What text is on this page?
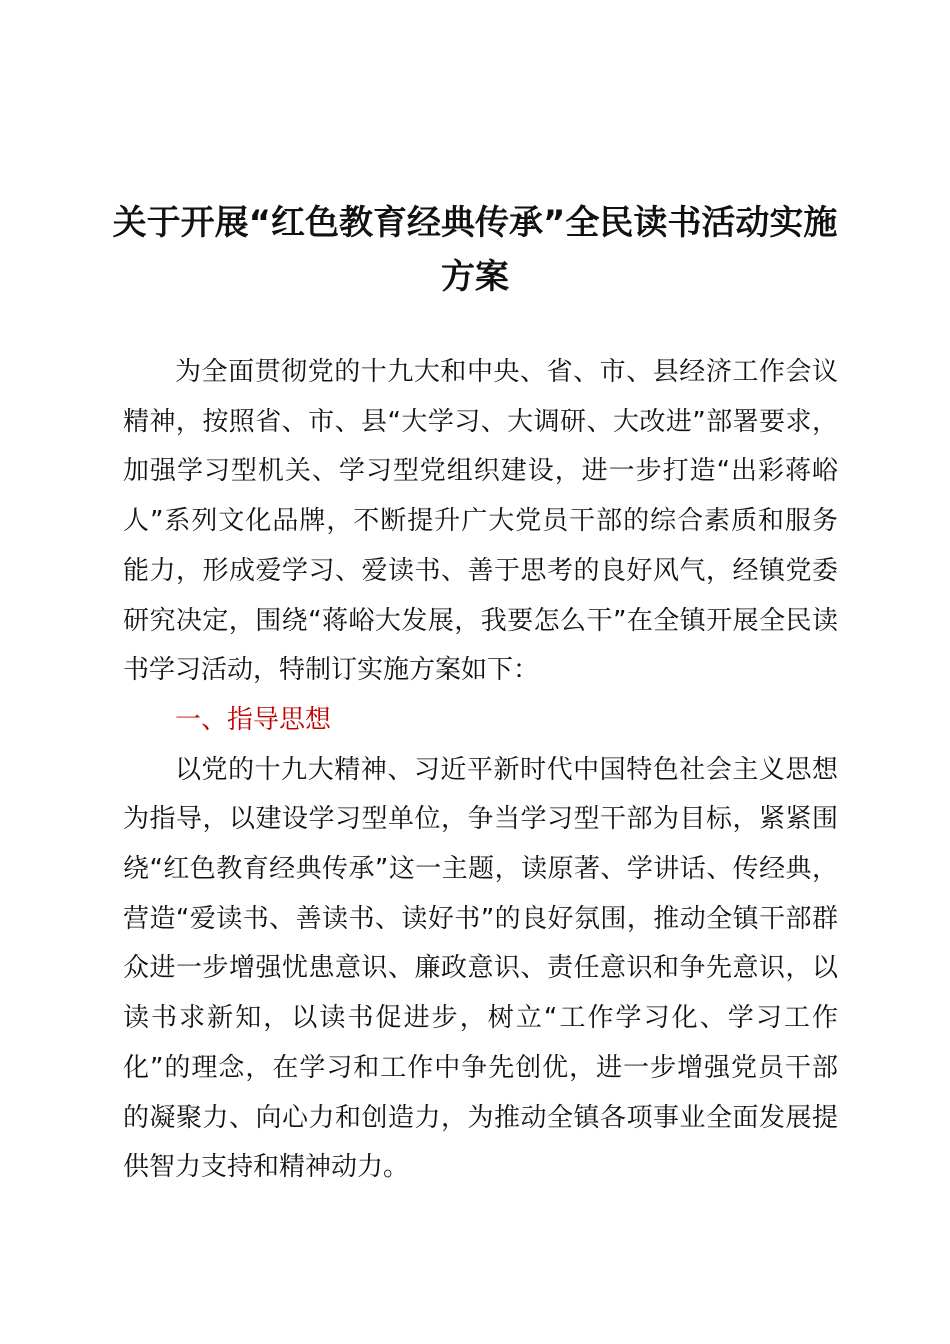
关于开展“红色教育经典传承”全民读书活动实施方案

为全面贯彻党的十九大和中央、省、市、县经济工作会议精神，按照省、市、县“大学习、大调研、大改进”部署要求，加强学习型机关、学习型党组织建设，进一步打造“出彩蒋峪人”系列文化品牌，不断提升广大党员干部的综合素质和服务能力，形成爱学习、爱读书、善于思考的良好风气，经镇党委研究决定，围绕“蒋峪大发展，我要怎么干”在全镇开展全民读书学习活动，特制订实施方案如下：

一、指导思想

以党的十九大精神、习近平新时代中国特色社会主义思想为指导，以建设学习型单位，争当学习型干部为目标，紧紧围绕“红色教育经典传承”这一主题，读原著、学讲话、传经典，营造“爱读书、善读书、读好书”的良好氛围，推动全镇干部群众进一步增强忧患意识、廉政意识、责任意识和争先意识，以读书求新知，以读书促进步，树立“工作学习化、学习工作化”的理念，在学习和工作中争先创优，进一步增强党员干部的凝聚力、向心力和创造力，为推动全镇各项事业全面发展提供智力支持和精神动力。
